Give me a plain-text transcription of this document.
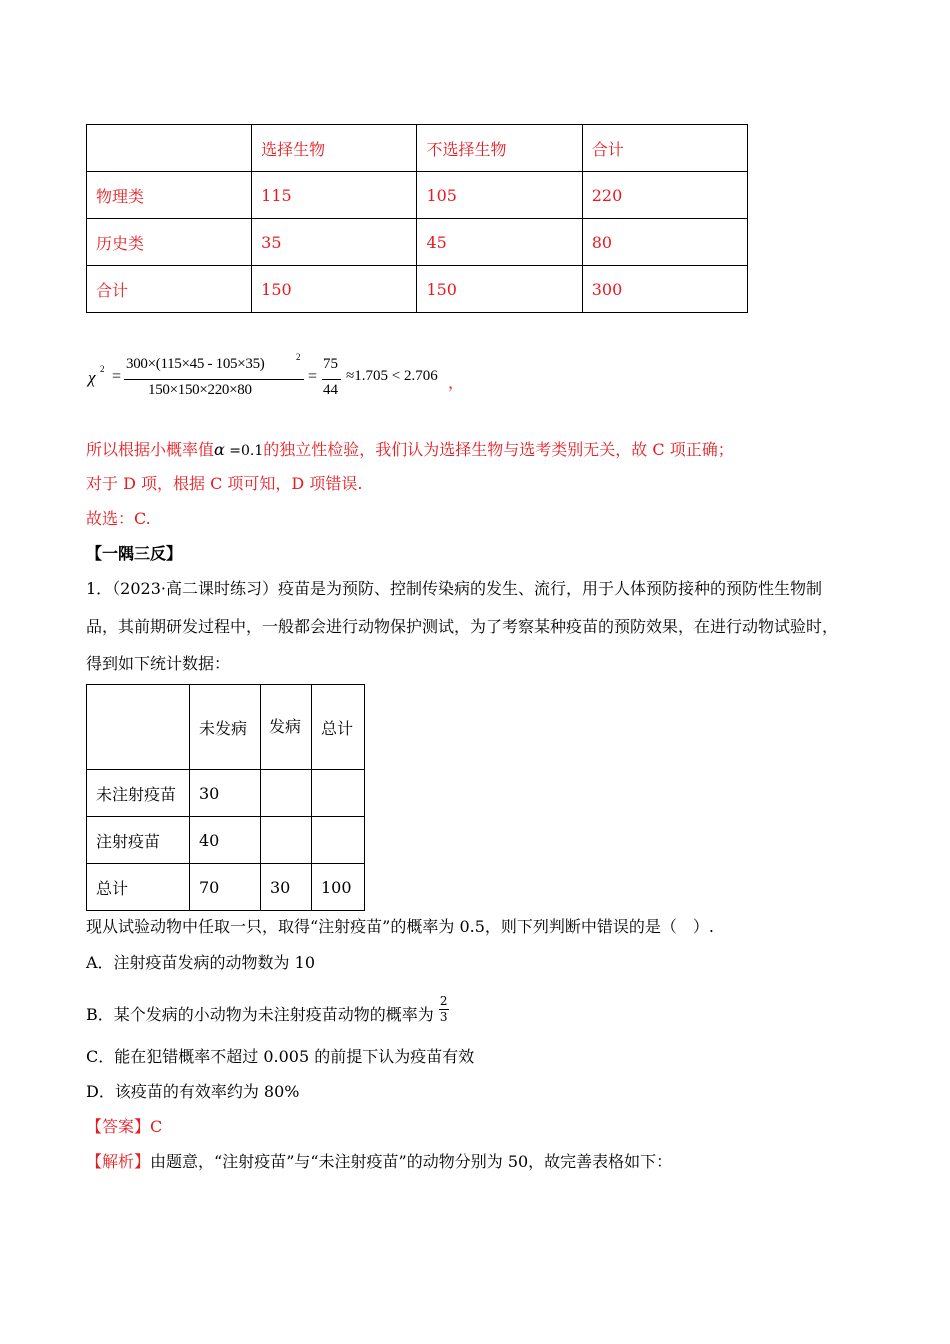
	选择生物	不选择生物	合计
物理类	115	105	220
历史类	35	45	80
合计	150	150	300
χ 2 =
300×(115×45 - 105×35)	2
150×150×220×80
=
75
44
≈1.705 < 2.706 ，
所以根据小概率值α =0.1的独立性检验，我们认为选择生物与选考类别无关，故 C 项正确；
对于 D 项，根据 C 项可知，D 项错误.
故选：C.
【一隅三反】
1．（2023·高二课时练习）疫苗是为预防、控制传染病的发生、流行，用于人体预防接种的预防性生物制
品，其前期研发过程中，一般都会进行动物保护测试，为了考察某种疫苗的预防效果，在进行动物试验时，
得到如下统计数据：
	未发病	发病	总计
未注射疫苗	30		
注射疫苗	40		
总计	70	30	100
现从试验动物中任取一只，取得“注射疫苗”的概率为 0.5，则下列判断中错误的是（　）.
A．注射疫苗发病的动物数为 10
B．某个发病的小动物为未注射疫苗动物的概率为 $\frac{2}{3}$
C．能在犯错概率不超过 0.005 的前提下认为疫苗有效
D．该疫苗的有效率约为 80%
【答案】C
【解析】由题意，“注射疫苗”与“未注射疫苗”的动物分别为 50，故完善表格如下：
